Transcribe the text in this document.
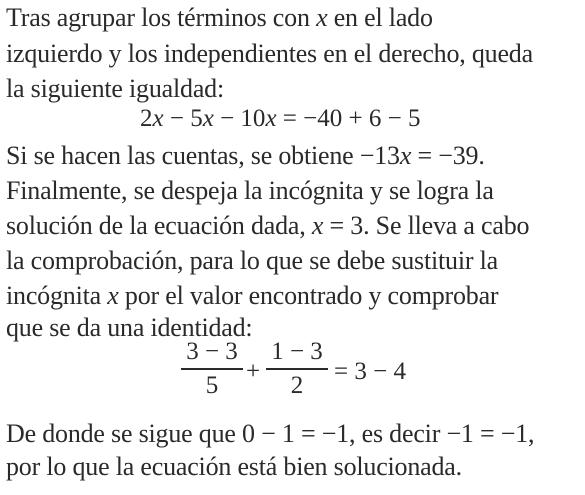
Tras agrupar los términos con x en el lado
izquierdo y los independientes en el derecho, queda
la siguiente igualdad:
2x − 5x − 10x = −40 + 6 − 5
Si se hacen las cuentas, se obtiene −13x = −39.
Finalmente, se despeja la incógnita y se logra la
solución de la ecuación dada, x = 3. Se lleva a cabo
la comprobación, para lo que se debe sustituir la
incógnita x por el valor encontrado y comprobar
que se da una identidad:
3 − 3
5
+
1 − 3
2
= 3 − 4
De donde se sigue que 0 − 1 = −1, es decir −1 = −1,
por lo que la ecuación está bien solucionada.
